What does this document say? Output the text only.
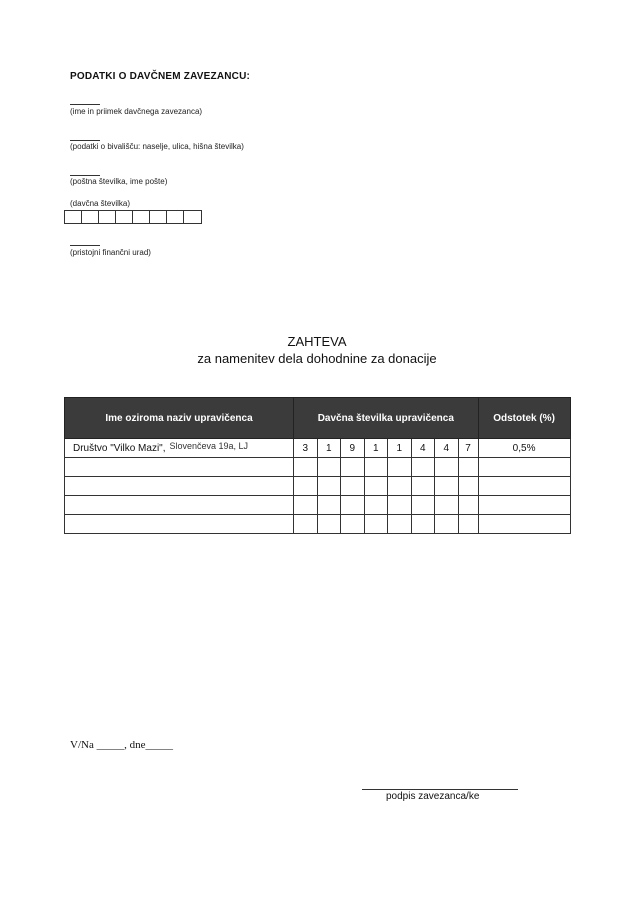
PODATKI O DAVČNEM ZAVEZANCU:
(ime in priimek davčnega zavezanca)
(podatki o bivališču: naselje, ulica, hišna številka)
(poštna številka, ime pošte)
(davčna številka)
(pristojni finančni urad)
ZAHTEVA
za namenitev dela dohodnine za donacije
Ime oziroma naziv upravičenca	Davčna številka upravičenca								Odstotek (%)
Društvo "Vilko Mazi", Slovenčeva 19a, LJ	3	1	9	1	1	4	4	7	0,5%

V/Na _____, dne_____
podpis zavezanca/ke
